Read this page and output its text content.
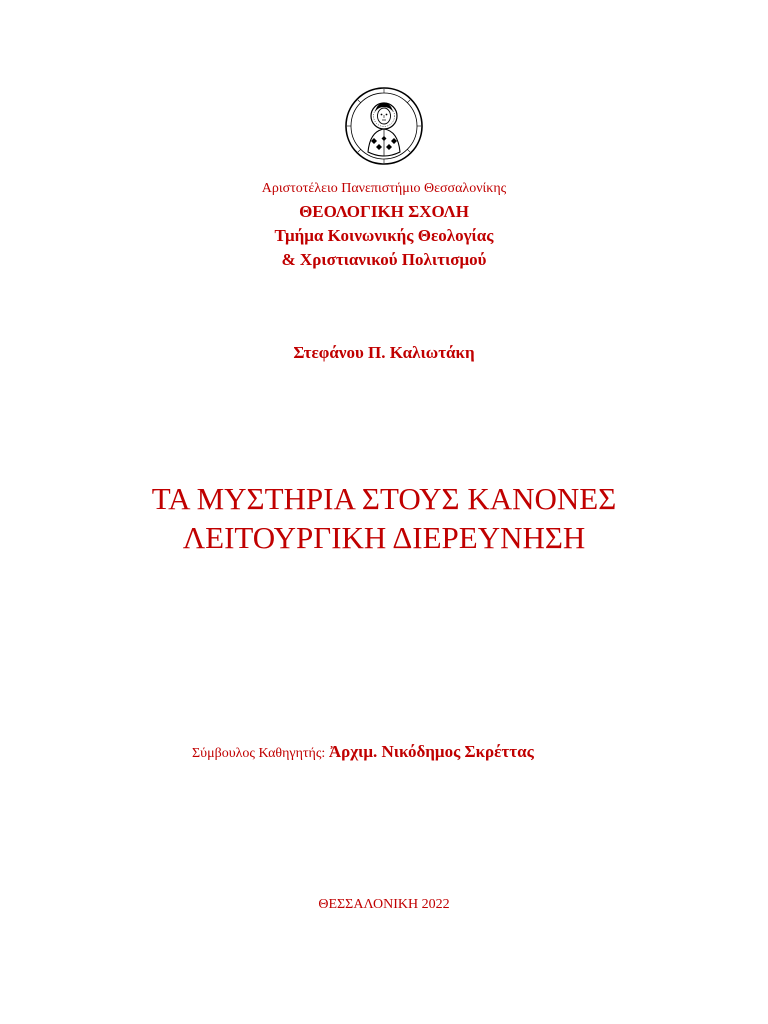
Αριστοτέλειο Πανεπιστήμιο Θεσσαλονίκης
ΘΕΟΛΟΓΙΚΗ ΣΧΟΛΗ
Τμήμα Κοινωνικής Θεολογίας
& Χριστιανικού Πολιτισμού
Στεφάνου Π. Καλιωτάκη
ΤΑ ΜΥΣΤΗΡΙΑ ΣΤΟΥΣ ΚΑΝΟΝΕΣ
ΛΕΙΤΟΥΡΓΙΚΗ ΔΙΕΡΕΥΝΗΣΗ
Σύμβουλος Καθηγητής: Ἀρχιμ. Νικόδημος Σκρέττας
ΘΕΣΣΑΛΟΝΙΚΗ 2022
